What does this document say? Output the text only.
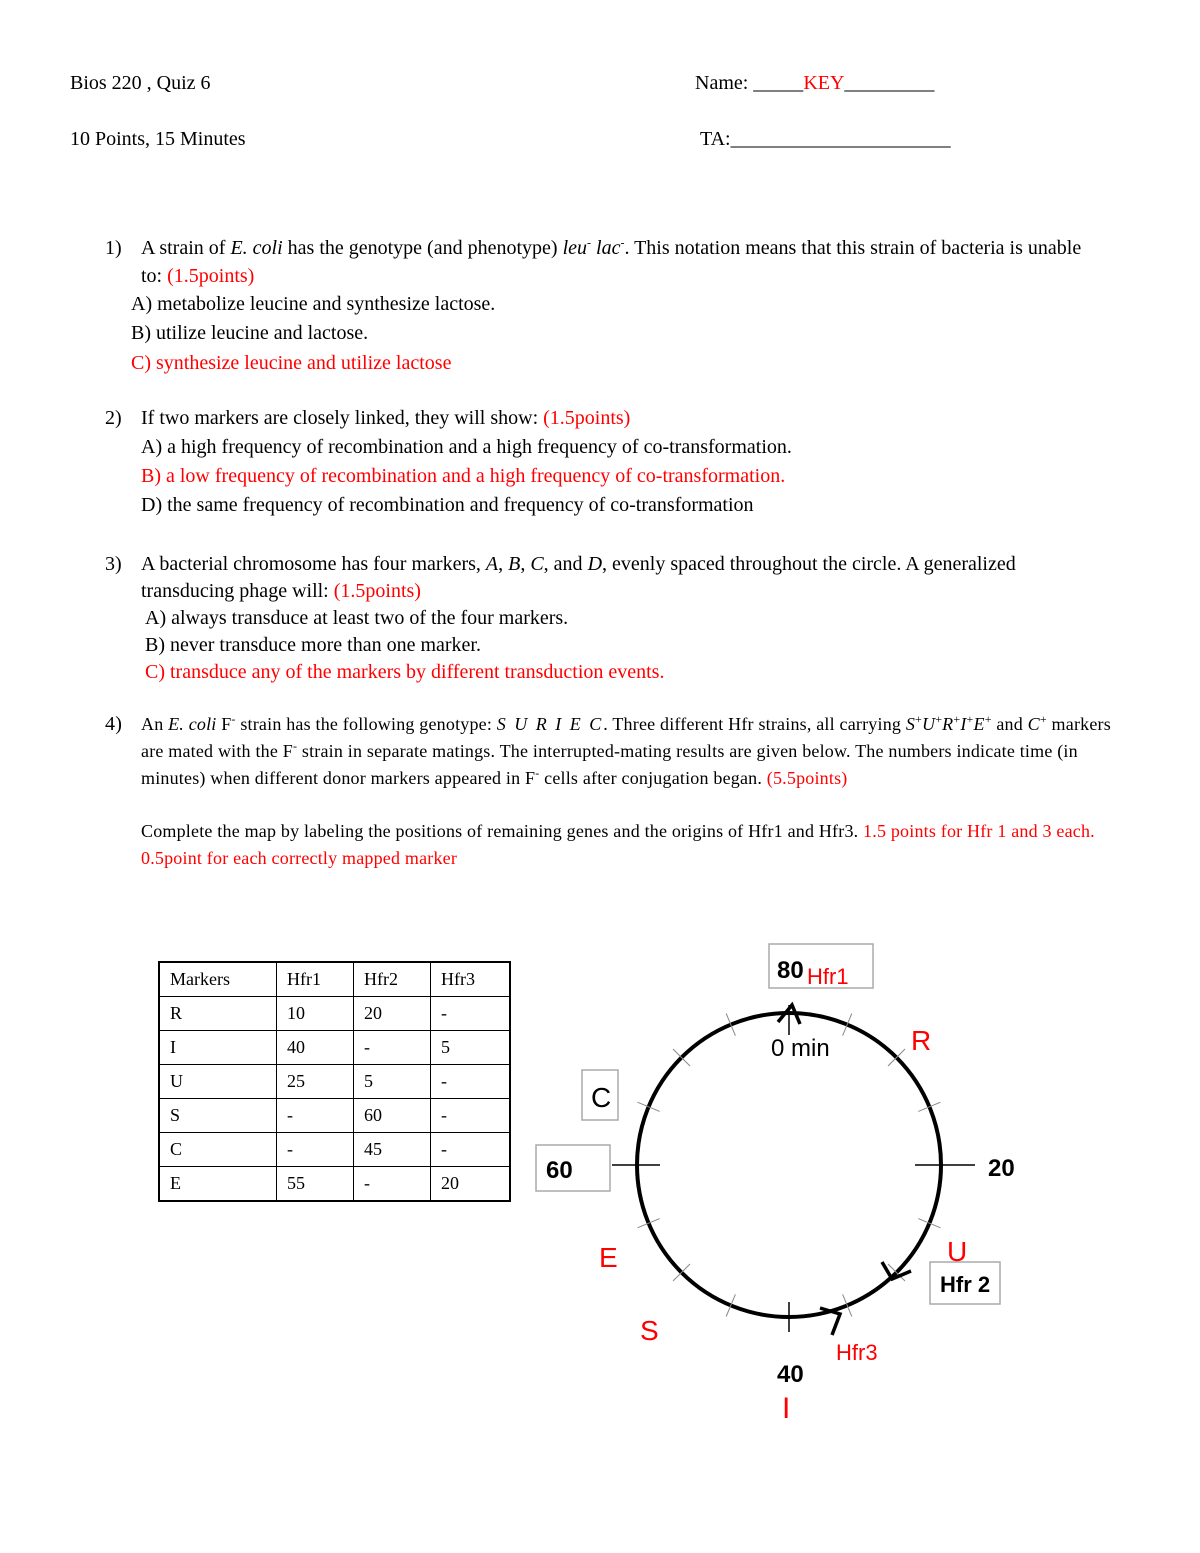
Bios 220 , Quiz 6
10 Points, 15 Minutes
Name: _____KEY_________
TA:______________________
1) A strain of E. coli has the genotype (and phenotype) leu- lac-. This notation means that this strain of bacteria is unable to: (1.5points)
A) metabolize leucine and synthesize lactose.
B) utilize leucine and lactose.
C) synthesize leucine and utilize lactose
2) If two markers are closely linked, they will show: (1.5points)
A) a high frequency of recombination and a high frequency of co-transformation.
B) a low frequency of recombination and a high frequency of co-transformation.
D) the same frequency of recombination and frequency of co-transformation
3) A bacterial chromosome has four markers, A, B, C, and D, evenly spaced throughout the circle. A generalized transducing phage will: (1.5points)
A) always transduce at least two of the four markers.
B) never transduce more than one marker.
C) transduce any of the markers by different transduction events.
4) An E. coli F- strain has the following genotype: S U R I E C. Three different Hfr strains, all carrying S+U+R+I+E+ and C+ markers are mated with the F- strain in separate matings. The interrupted-mating results are given below. The numbers indicate time (in minutes) when different donor markers appeared in F- cells after conjugation began. (5.5points)
Complete the map by labeling the positions of remaining genes and the origins of Hfr1 and Hfr3. 1.5 points for Hfr 1 and 3 each. 0.5point for each correctly mapped marker
Markers	Hfr1	Hfr2	Hfr3
R	10	20	-
I	40	-	5
U	25	5	-
S	-	60	-
C	-	45	-
E	55	-	20
80 Hfr1
0 min	R
C
60	20
E	U
Hfr 2
S
Hfr3
40
I
